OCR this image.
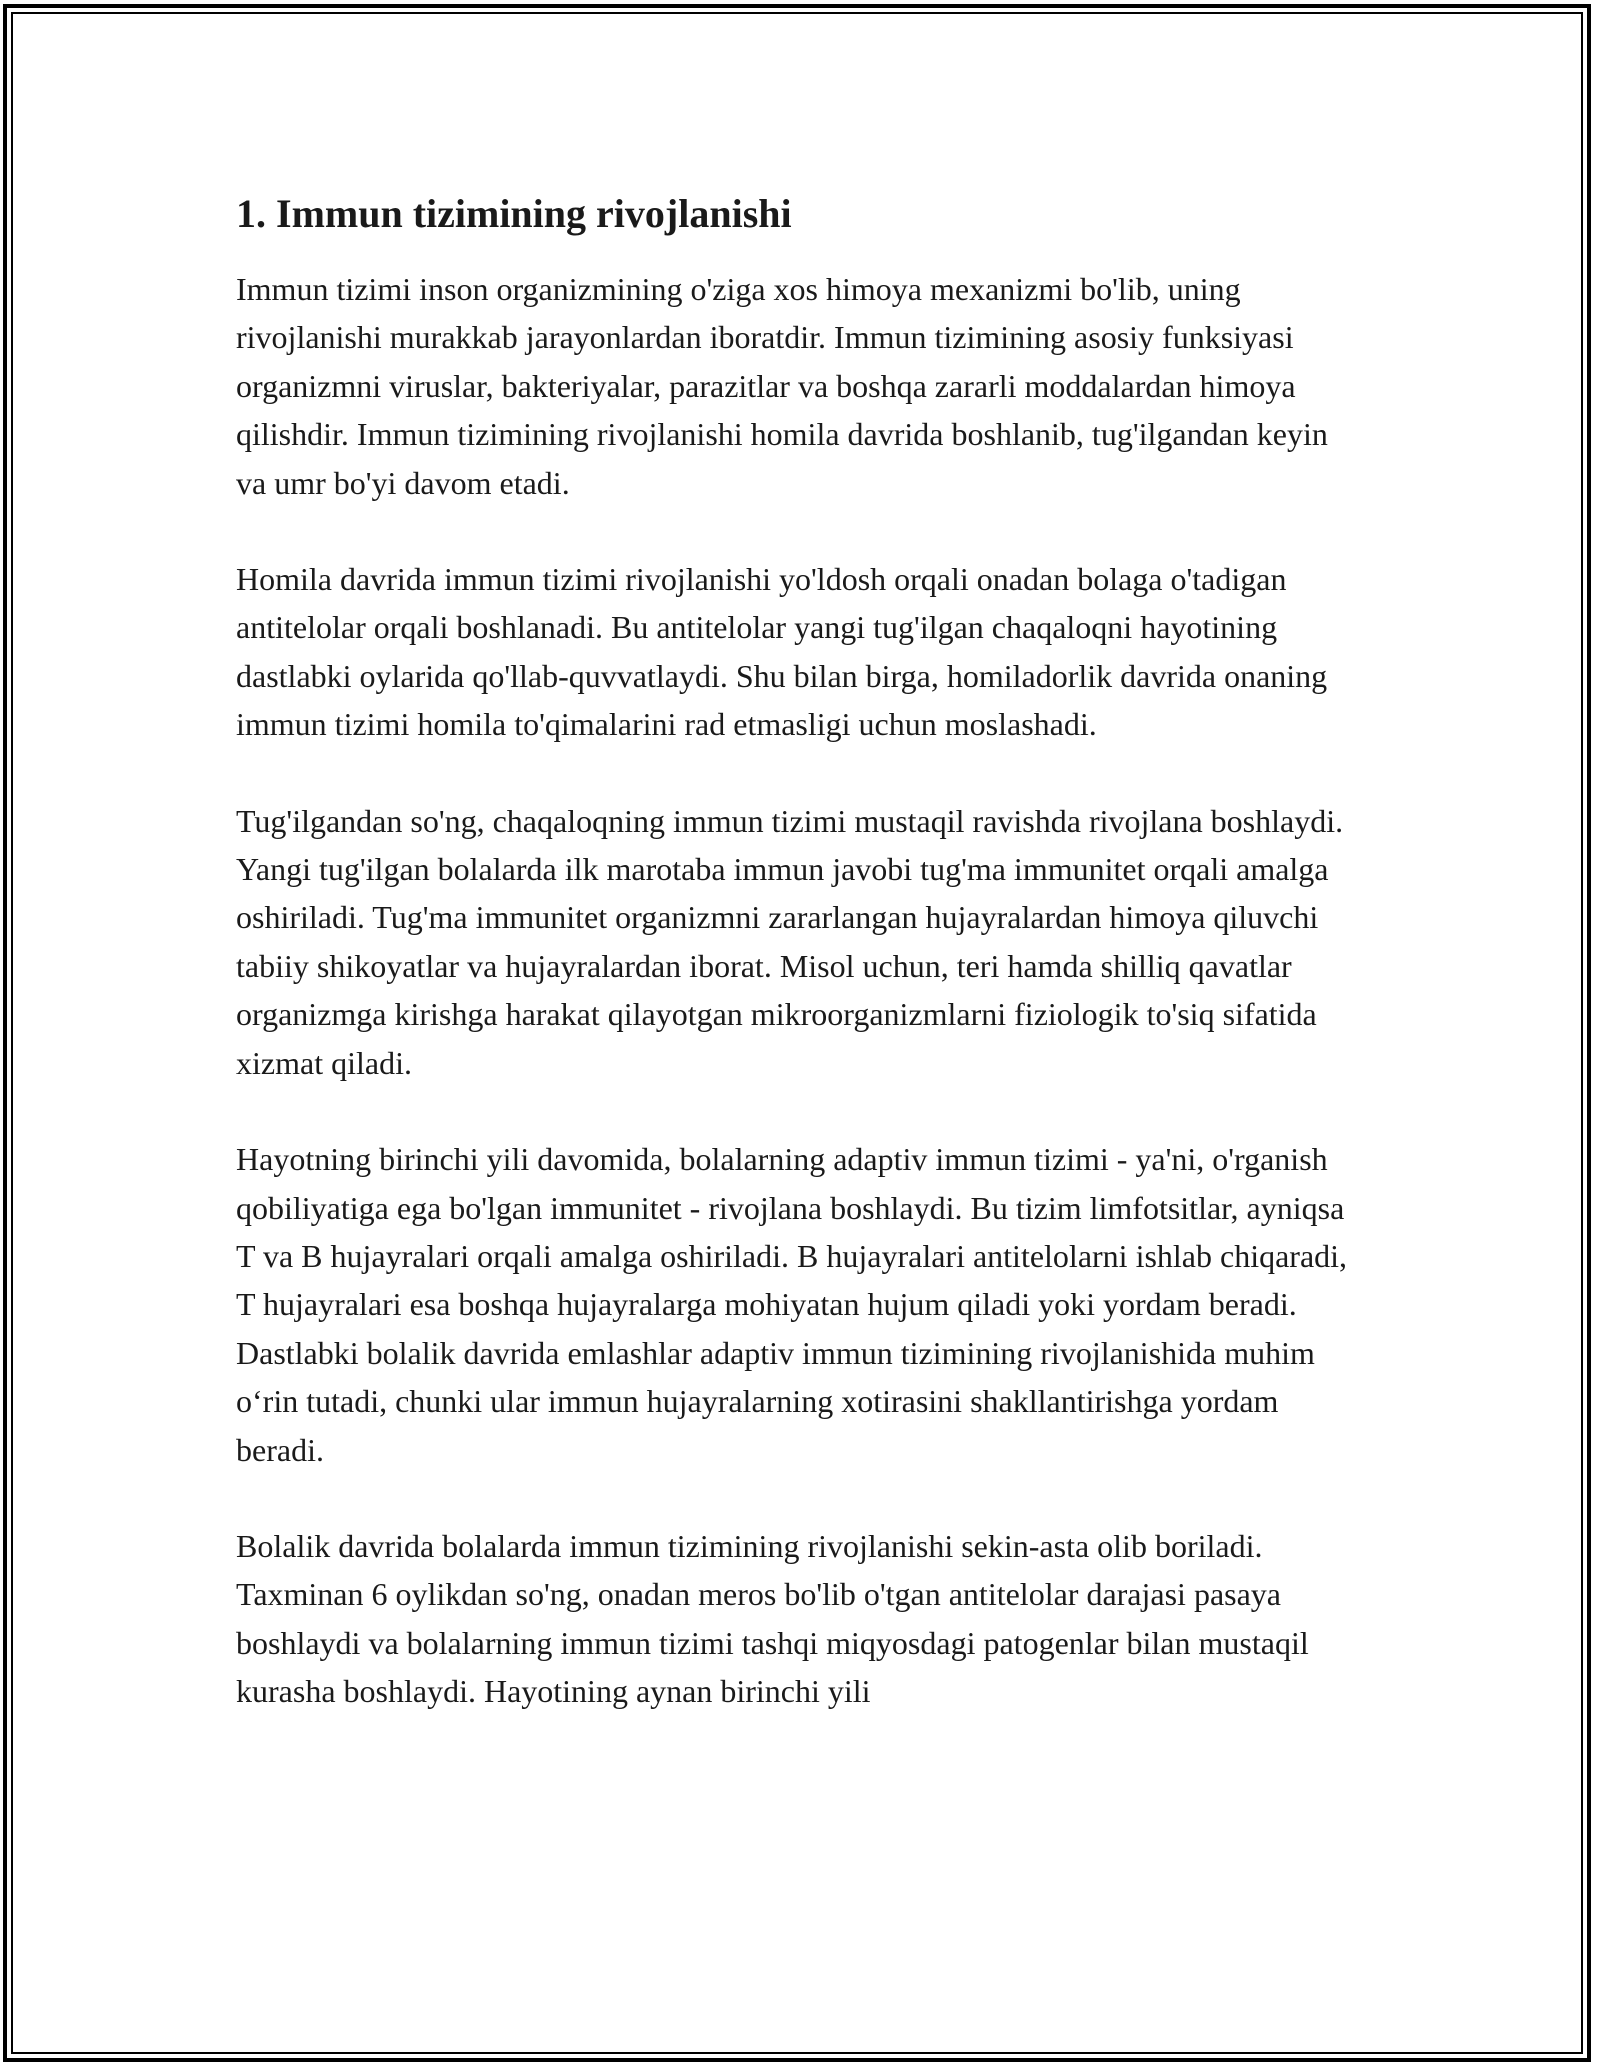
1. Immun tizimining rivojlanishi

Immun tizimi inson organizmining o'ziga xos himoya mexanizmi bo'lib, uning rivojlanishi murakkab jarayonlardan iboratdir. Immun tizimining asosiy funksiyasi organizmni viruslar, bakteriyalar, parazitlar va boshqa zararli moddalardan himoya qilishdir. Immun tizimining rivojlanishi homila davrida boshlanib, tug'ilgandan keyin va umr bo'yi davom etadi.

Homila davrida immun tizimi rivojlanishi yo'ldosh orqali onadan bolaga o'tadigan antitelolar orqali boshlanadi. Bu antitelolar yangi tug'ilgan chaqaloqni hayotining dastlabki oylarida qo'llab-quvvatlaydi. Shu bilan birga, homiladorlik davrida onaning immun tizimi homila to'qimalarini rad etmasligi uchun moslashadi.

Tug'ilgandan so'ng, chaqaloqning immun tizimi mustaqil ravishda rivojlana boshlaydi. Yangi tug'ilgan bolalarda ilk marotaba immun javobi tug'ma immunitet orqali amalga oshiriladi. Tug'ma immunitet organizmni zararlangan hujayralardan himoya qiluvchi tabiiy shikoyatlar va hujayralardan iborat. Misol uchun, teri hamda shilliq qavatlar organizmga kirishga harakat qilayotgan mikroorganizmlarni fiziologik to'siq sifatida xizmat qiladi.

Hayotning birinchi yili davomida, bolalarning adaptiv immun tizimi - ya'ni, o'rganish qobiliyatiga ega bo'lgan immunitet - rivojlana boshlaydi. Bu tizim limfotsitlar, ayniqsa T va B hujayralari orqali amalga oshiriladi. B hujayralari antitelolarni ishlab chiqaradi, T hujayralari esa boshqa hujayralarga mohiyatan hujum qiladi yoki yordam beradi. Dastlabki bolalik davrida emlashlar adaptiv immun tizimining rivojlanishida muhim o‘rin tutadi, chunki ular immun hujayralarning xotirasini shakllantirishga yordam beradi.

Bolalik davrida bolalarda immun tizimining rivojlanishi sekin-asta olib boriladi. Taxminan 6 oylikdan so'ng, onadan meros bo'lib o'tgan antitelolar darajasi pasaya boshlaydi va bolalarning immun tizimi tashqi miqyosdagi patogenlar bilan mustaqil kurasha boshlaydi. Hayotining aynan birinchi yili
